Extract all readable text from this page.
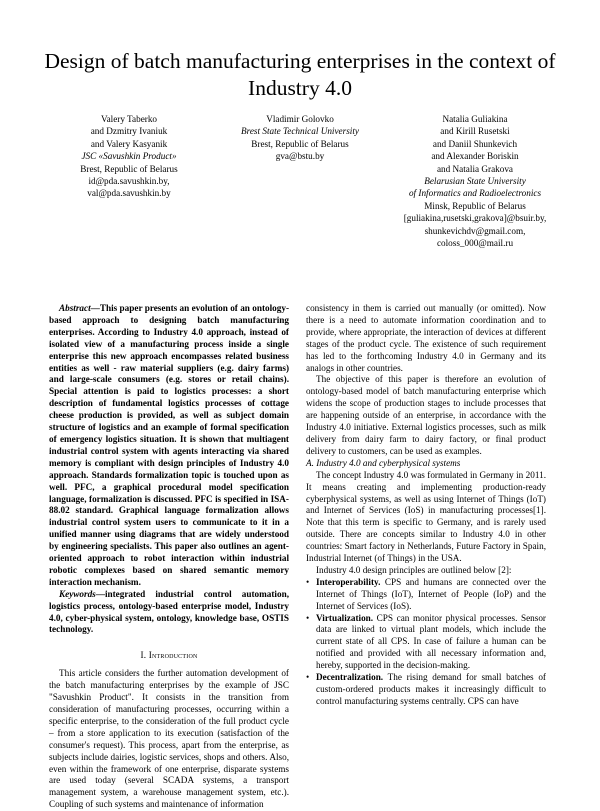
Design of batch manufacturing enterprises in the context of Industry 4.0
Valery Taberko
and Dzmitry Ivaniuk
and Valery Kasyanik
JSC «Savushkin Product»
Brest, Republic of Belarus
id@pda.savushkin.by,
val@pda.savushkin.by
Vladimir Golovko
Brest State Technical University
Brest, Republic of Belarus
gva@bstu.by
Natalia Guliakina
and Kirill Rusetski
and Daniil Shunkevich
and Alexander Boriskin
and Natalia Grakova
Belarusian State University
of Informatics and Radioelectronics
Minsk, Republic of Belarus
[guliakina,rusetski,grakova]@bsuir.by,
shunkevichdv@gmail.com,
coloss_000@mail.ru

Abstract—This paper presents an evolution of an ontology-based approach to designing batch manufacturing enterprises. According to Industry 4.0 approach, instead of isolated view of a manufacturing process inside a single enterprise this new approach encompasses related business entities as well - raw material suppliers (e.g. dairy farms) and large-scale consumers (e.g. stores or retail chains). Special attention is paid to logistics processes: a short description of fundamental logistics processes of cottage cheese production is provided, as well as subject domain structure of logistics and an example of formal specification of emergency logistics situation. It is shown that multiagent industrial control system with agents interacting via shared memory is compliant with design principles of Industry 4.0 approach. Standards formalization topic is touched upon as well. PFC, a graphical procedural model specification language, formalization is discussed. PFC is specified in ISA-88.02 standard. Graphical language formalization allows industrial control system users to communicate to it in a unified manner using diagrams that are widely understood by engineering specialists. This paper also outlines an agent-oriented approach to robot interaction within industrial robotic complexes based on shared semantic memory interaction mechanism.

Keywords—integrated industrial control automation, logistics process, ontology-based enterprise model, Industry 4.0, cyber-physical system, ontology, knowledge base, OSTIS technology.

I. Introduction

This article considers the further automation development of the batch manufacturing enterprises by the example of JSC "Savushkin Product". It consists in the transition from consideration of manufacturing processes, occurring within a specific enterprise, to the consideration of the full product cycle – from a store application to its execution (satisfaction of the consumer's request). This process, apart from the enterprise, as subjects include dairies, logistic services, shops and others. Also, even within the framework of one enterprise, disparate systems are used today (several SCADA systems, a transport management system, a warehouse management system, etc.). Coupling of such systems and maintenance of information

consistency in them is carried out manually (or omitted). Now there is a need to automate information coordination and to provide, where appropriate, the interaction of devices at different stages of the product cycle. The existence of such requirement has led to the forthcoming Industry 4.0 in Germany and its analogs in other countries.

The objective of this paper is therefore an evolution of ontology-based model of batch manufacturing enterprise which widens the scope of production stages to include processes that are happening outside of an enterprise, in accordance with the Industry 4.0 initiative. External logistics processes, such as milk delivery from dairy farm to dairy factory, or final product delivery to customers, can be used as examples.

A. Industry 4.0 and cyberphysical systems

The concept Industry 4.0 was formulated in Germany in 2011. It means creating and implementing production-ready cyberphysical systems, as well as using Internet of Things (IoT) and Internet of Services (IoS) in manufacturing processes[1]. Note that this term is specific to Germany, and is rarely used outside. There are concepts similar to Industry 4.0 in other countries: Smart factory in Netherlands, Future Factory in Spain, Industrial Internet (of Things) in the USA.

Industry 4.0 design principles are outlined below [2]:

• Interoperability. CPS and humans are connected over the Internet of Things (IoT), Internet of People (IoP) and the Internet of Services (IoS).
• Virtualization. CPS can monitor physical processes. Sensor data are linked to virtual plant models, which include the current state of all CPS. In case of failure a human can be notified and provided with all necessary information and, hereby, supported in the decision-making.
• Decentralization. The rising demand for small batches of custom-ordered products makes it increasingly difficult to control manufacturing systems centrally. CPS can have
